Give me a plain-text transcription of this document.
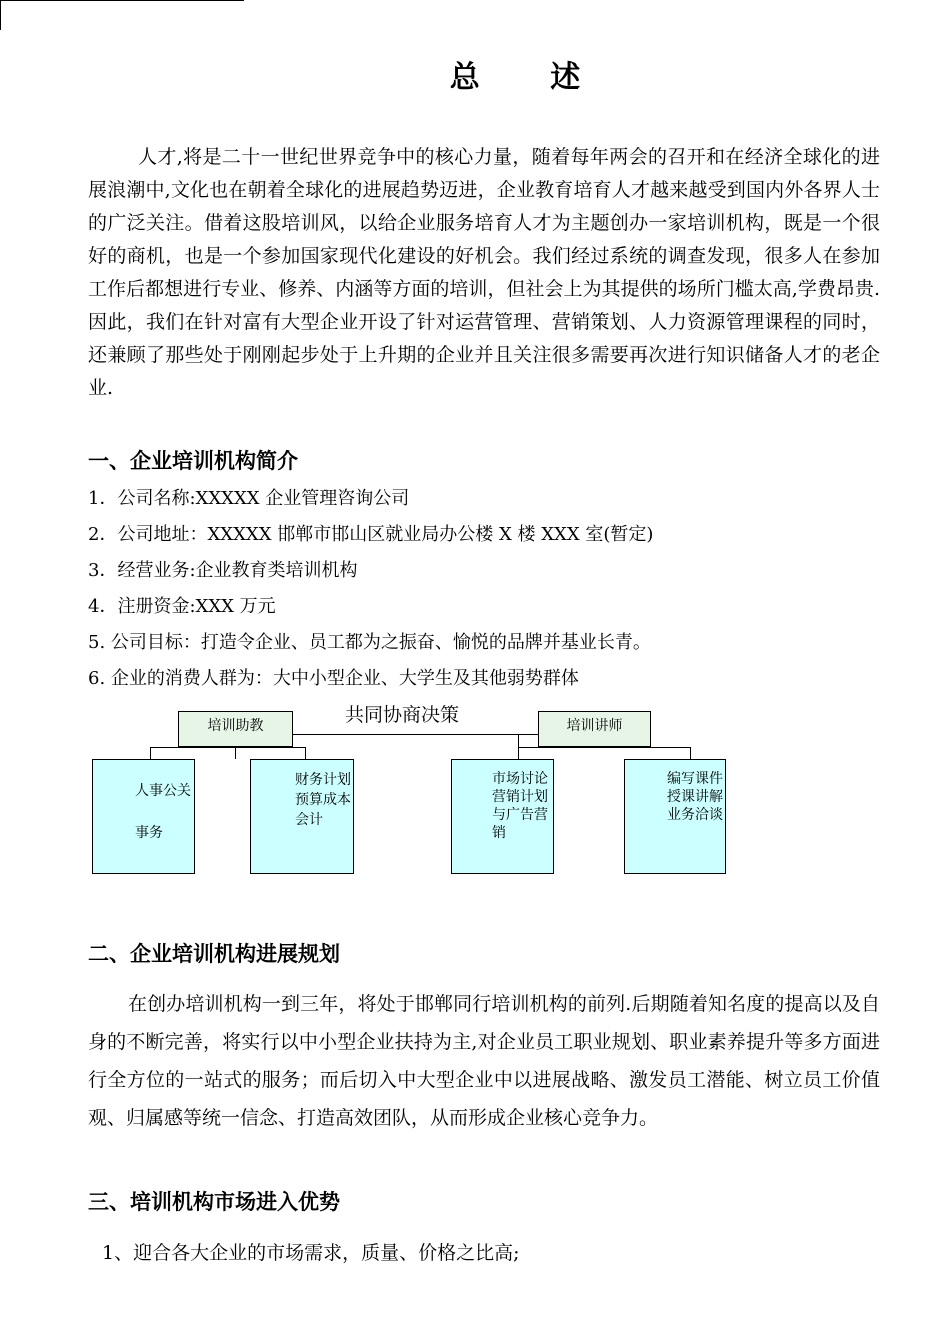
总 述

人才,将是二十一世纪世界竞争中的核心力量，随着每年两会的召开和在经济全球化的进展浪潮中,文化也在朝着全球化的进展趋势迈进，企业教育培育人才越来越受到国内外各界人士的广泛关注。借着这股培训风，以给企业服务培育人才为主题创办一家培训机构，既是一个很好的商机，也是一个参加国家现代化建设的好机会。我们经过系统的调查发现，很多人在参加工作后都想进行专业、修养、内涵等方面的培训，但社会上为其提供的场所门槛太高,学费昂贵.因此，我们在针对富有大型企业开设了针对运营管理、营销策划、人力资源管理课程的同时，还兼顾了那些处于刚刚起步处于上升期的企业并且关注很多需要再次进行知识储备人才的老企业.

一、企业培训机构简介

1．公司名称:XXXXX 企业管理咨询公司

2．公司地址：XXXXX 邯郸市邯山区就业局办公楼 X 楼 XXX 室(暂定)

3．经营业务:企业教育类培训机构

4．注册资金:XXX 万元

5. 公司目标：打造令企业、员工都为之振奋、愉悦的品牌并基业长青。

6. 企业的消费人群为：大中小型企业、大学生及其他弱势群体

共同协商决策
培训助教	培训讲师
人事公关事务
财务计划预算成本会计
市场讨论营销计划与广告营销
编写课件授课讲解业务洽谈
二、企业培训机构进展规划

在创办培训机构一到三年，将处于邯郸同行培训机构的前列.后期随着知名度的提高以及自身的不断完善，将实行以中小型企业扶持为主,对企业员工职业规划、职业素养提升等多方面进行全方位的一站式的服务；而后切入中大型企业中以进展战略、激发员工潜能、树立员工价值观、归属感等统一信念、打造高效团队，从而形成企业核心竞争力。

三、培训机构市场进入优势

1、迎合各大企业的市场需求，质量、价格之比高;
